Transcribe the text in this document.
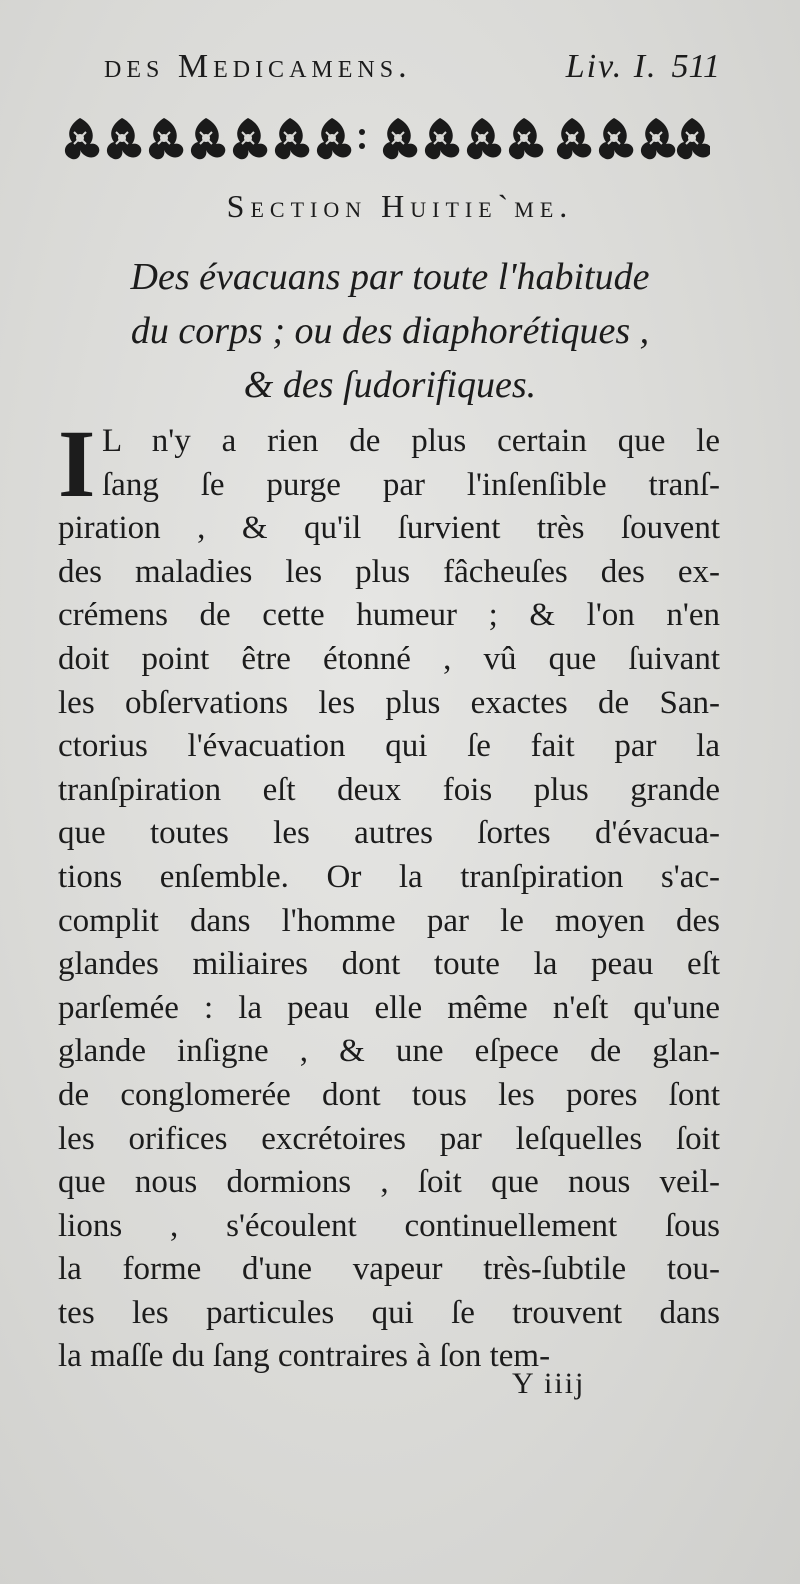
des Medicamens.	Liv. I. 511
Section Huitie`me.
Des évacuans par toute l'habitude
du corps ; ou des diaphorétiques ,
& des ſudorifiques.
I L n'y a rien de plus certain que le
ſang ſe purge par l'inſenſible tranſ-
piration , & qu'il ſurvient très ſouvent
des maladies les plus fâcheuſes des ex-
crémens de cette humeur ; & l'on n'en
doit point être étonné , vû que ſuivant
les obſervations les plus exactes de San-
ctorius l'évacuation qui ſe fait par la
tranſpiration eſt deux fois plus grande
que toutes les autres ſortes d'évacua-
tions enſemble. Or la tranſpiration s'ac-
complit dans l'homme par le moyen des
glandes miliaires dont toute la peau eſt
parſemée : la peau elle même n'eſt qu'une
glande inſigne , & une eſpece de glan-
de conglomerée dont tous les pores ſont
les orifices excrétoires par leſquelles ſoit
que nous dormions , ſoit que nous veil-
lions , s'écoulent continuellement ſous
la forme d'une vapeur très-ſubtile tou-
tes les particules qui ſe trouvent dans
la maſſe du ſang contraires à ſon tem-
Y iiij
